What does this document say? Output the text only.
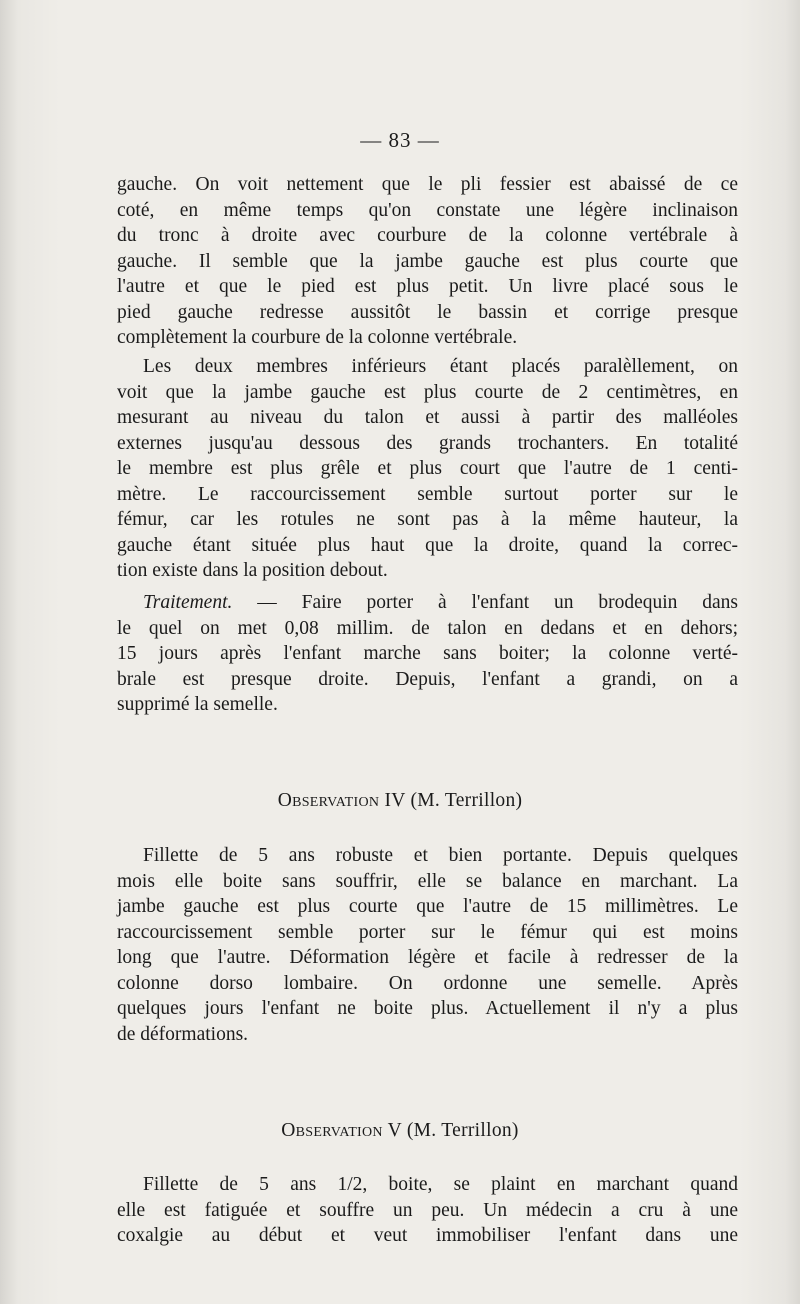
— 83 —
gauche. On voit nettement que le pli fessier est abaissé de ce
coté, en même temps qu'on constate une légère inclinaison
du tronc à droite avec courbure de la colonne vertébrale à
gauche. Il semble que la jambe gauche est plus courte que
l'autre et que le pied est plus petit. Un livre placé sous le
pied gauche redresse aussitôt le bassin et corrige presque
complètement la courbure de la colonne vertébrale.
Les deux membres inférieurs étant placés paralèllement, on
voit que la jambe gauche est plus courte de 2 centimètres, en
mesurant au niveau du talon et aussi à partir des malléoles
externes jusqu'au dessous des grands trochanters. En totalité
le membre est plus grêle et plus court que l'autre de 1 centi-
mètre. Le raccourcissement semble surtout porter sur le
fémur, car les rotules ne sont pas à la même hauteur, la
gauche étant située plus haut que la droite, quand la correc-
tion existe dans la position debout.
Traitement. — Faire porter à l'enfant un brodequin dans
le quel on met 0,08 millim. de talon en dedans et en dehors;
15 jours après l'enfant marche sans boiter; la colonne verté-
brale est presque droite. Depuis, l'enfant a grandi, on a
supprimé la semelle.
Observation IV (M. Terrillon)
Fillette de 5 ans robuste et bien portante. Depuis quelques
mois elle boite sans souffrir, elle se balance en marchant. La
jambe gauche est plus courte que l'autre de 15 millimètres. Le
raccourcissement semble porter sur le fémur qui est moins
long que l'autre. Déformation légère et facile à redresser de la
colonne dorso lombaire. On ordonne une semelle. Après
quelques jours l'enfant ne boite plus. Actuellement il n'y a plus
de déformations.
Observation V (M. Terrillon)
Fillette de 5 ans 1/2, boite, se plaint en marchant quand
elle est fatiguée et souffre un peu. Un médecin a cru à une
coxalgie au début et veut immobiliser l'enfant dans une
